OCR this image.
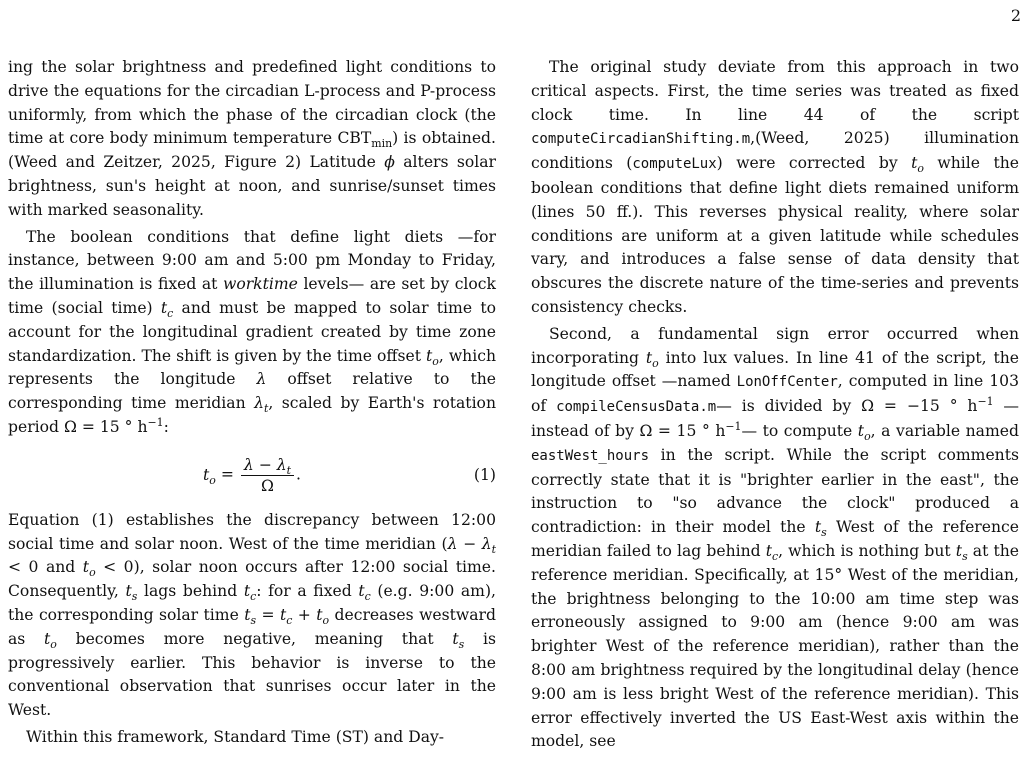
2

ing the solar brightness and predefined light conditions to drive the equations for the circadian L-process and P-process uniformly, from which the phase of the circadian clock (the time at core body minimum temperature $CBT_{min}$) is obtained.(Weed and Zeitzer, 2025, Figure 2) Latitude ϕ alters solar brightness, sun's height at noon, and sunrise/sunset times with marked seasonality.

The boolean conditions that define light diets —for instance, between 9:00 am and 5:00 pm Monday to Friday, the illumination is fixed at worktime levels— are set by clock time (social time) $t_c$ and must be mapped to solar time to account for the longitudinal gradient created by time zone standardization. The shift is given by the time offset $t_o$, which represents the longitude λ offset relative to the corresponding time meridian $\lambda_t$, scaled by Earth's rotation period Ω = 15 ° $h^{-1}$:

$t_o = \frac{\lambda - \lambda_t}{\Omega}$ .	(1)

Equation (1) establishes the discrepancy between 12:00 social time and solar noon. West of the time meridian ($\lambda - \lambda_t < 0$ and $t_o < 0$), solar noon occurs after 12:00 social time. Consequently, $t_s$ lags behind $t_c$: for a fixed $t_c$ (e.g. 9:00 am), the corresponding solar time $t_s = t_c + t_o$ decreases westward as $t_o$ becomes more negative, meaning that $t_s$ is progressively earlier. This behavior is inverse to the conventional observation that sunrises occur later in the West.

Within this framework, Standard Time (ST) and Day-

The original study deviate from this approach in two critical aspects. First, the time series was treated as fixed clock time. In line 44 of the script computeCircadianShifting.m,(Weed, 2025) illumination conditions (computeLux) were corrected by $t_o$ while the boolean conditions that define light diets remained uniform (lines 50 ff.). This reverses physical reality, where solar conditions are uniform at a given latitude while schedules vary, and introduces a false sense of data density that obscures the discrete nature of the time-series and prevents consistency checks.

Second, a fundamental sign error occurred when incorporating $t_o$ into lux values. In line 41 of the script, the longitude offset —named LonOffCenter, computed in line 103 of compileCensusData.m— is divided by Ω = −15 ° $h^{-1}$ —instead of by Ω = 15 ° $h^{-1}—$ to compute $t_o$, a variable named eastWest_hours in the script. While the script comments correctly state that it is "brighter earlier in the east", the instruction to "so advance the clock" produced a contradiction: in their model the $t_s$ West of the reference meridian failed to lag behind $t_c$, which is nothing but $t_s$ at the reference meridian. Specifically, at 15° West of the meridian, the brightness belonging to the 10:00 am time step was erroneously assigned to 9:00 am (hence 9:00 am was brighter West of the reference meridian), rather than the 8:00 am brightness required by the longitudinal delay (hence 9:00 am is less bright West of the reference meridian). This error effectively inverted the US East-West axis within the model, see
